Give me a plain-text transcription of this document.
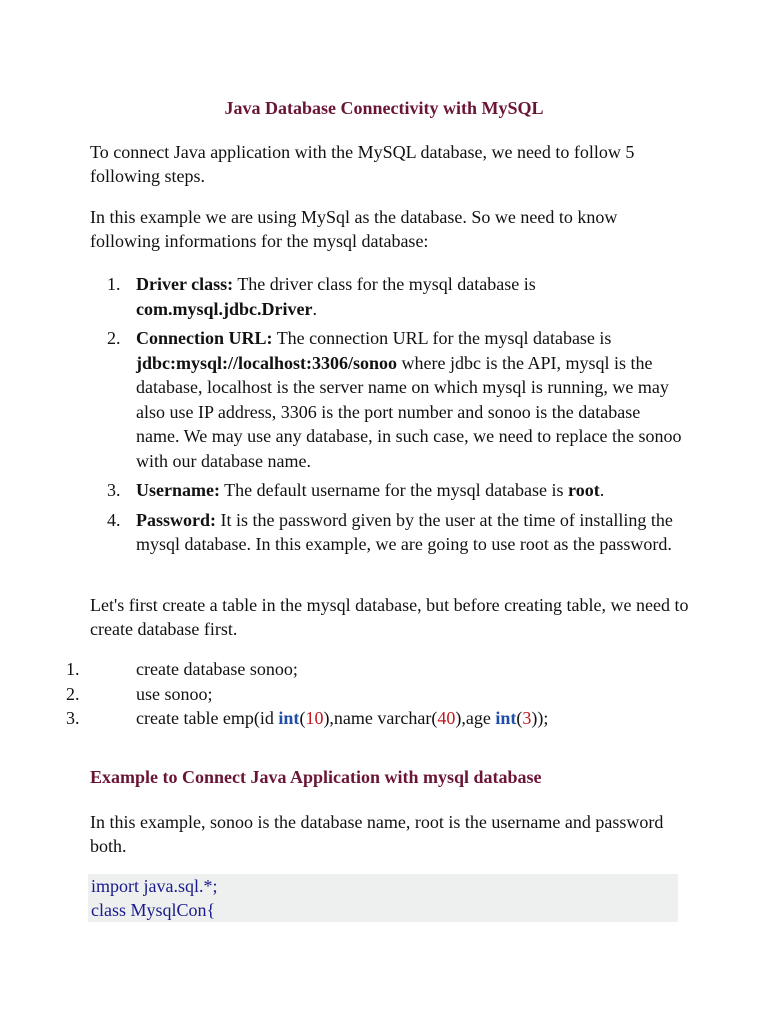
Java Database Connectivity with MySQL

To connect Java application with the MySQL database, we need to follow 5 following steps.

In this example we are using MySql as the database. So we need to know following informations for the mysql database:

1. Driver class: The driver class for the mysql database is com.mysql.jdbc.Driver.
2. Connection URL: The connection URL for the mysql database is jdbc:mysql://localhost:3306/sonoo where jdbc is the API, mysql is the database, localhost is the server name on which mysql is running, we may also use IP address, 3306 is the port number and sonoo is the database name. We may use any database, in such case, we need to replace the sonoo with our database name.
3. Username: The default username for the mysql database is root.
4. Password: It is the password given by the user at the time of installing the mysql database. In this example, we are going to use root as the password.

Let's first create a table in the mysql database, but before creating table, we need to create database first.

1.	create database sonoo;
2.	use sonoo;
3.	create table emp(id int(10),name varchar(40),age int(3));
Example to Connect Java Application with mysql database

In this example, sonoo is the database name, root is the username and password both.

import java.sql.*;
class MysqlCon{
